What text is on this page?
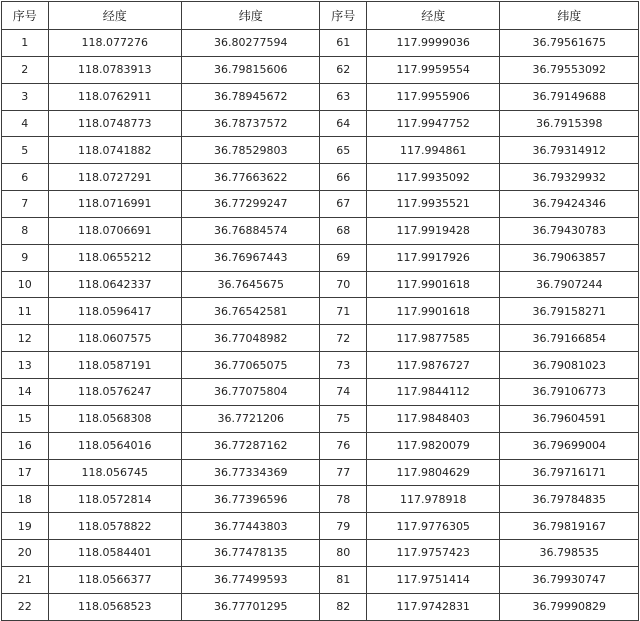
序号	经度	纬度	序号	经度	纬度
1	118.077276	36.80277594	61	117.9999036	36.79561675
2	118.0783913	36.79815606	62	117.9959554	36.79553092
3	118.0762911	36.78945672	63	117.9955906	36.79149688
4	118.0748773	36.78737572	64	117.9947752	36.7915398
5	118.0741882	36.78529803	65	117.994861	36.79314912
6	118.0727291	36.77663622	66	117.9935092	36.79329932
7	118.0716991	36.77299247	67	117.9935521	36.79424346
8	118.0706691	36.76884574	68	117.9919428	36.79430783
9	118.0655212	36.76967443	69	117.9917926	36.79063857
10	118.0642337	36.7645675	70	117.9901618	36.7907244
11	118.0596417	36.76542581	71	117.9901618	36.79158271
12	118.0607575	36.77048982	72	117.9877585	36.79166854
13	118.0587191	36.77065075	73	117.9876727	36.79081023
14	118.0576247	36.77075804	74	117.9844112	36.79106773
15	118.0568308	36.7721206	75	117.9848403	36.79604591
16	118.0564016	36.77287162	76	117.9820079	36.79699004
17	118.056745	36.77334369	77	117.9804629	36.79716171
18	118.0572814	36.77396596	78	117.978918	36.79784835
19	118.0578822	36.77443803	79	117.9776305	36.79819167
20	118.0584401	36.77478135	80	117.9757423	36.798535
21	118.0566377	36.77499593	81	117.9751414	36.79930747
22	118.0568523	36.77701295	82	117.9742831	36.79990829
